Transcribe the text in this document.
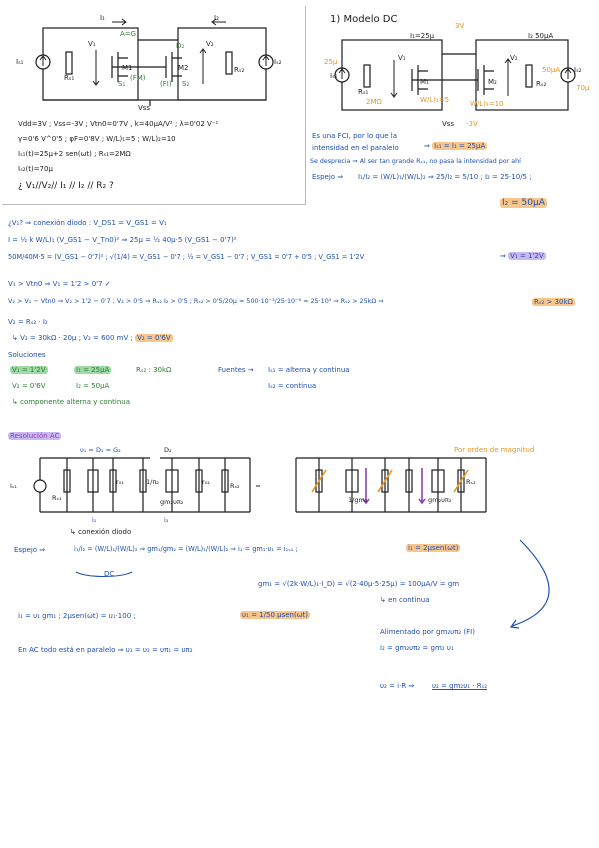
I₁	I₂
Iₛ₁	Iₛ₂
Rₛ₁
Rₛ₂
V₁	V₂
M1	M2
Vss
A=G
D₂
S₂
S₁
(FM)
(FI)
Vdd=3V ; Vss=-3V ; Vtn0=0'7V , k=40μA/V² ; λ=0'02 V⁻¹
γ=0'6 V^0'5 ; φF=0'8V ; W/L)₁=5 ; W/L)₂=10
Iₛ₁(t)=25μ+2 sen(ωt) ; Rₛ₁=2MΩ
Iₛ₂(t)=70μ
¿ V₁//V₂// I₁ // I₂ // R₂ ?
1) Modelo DC
I₁=25μ
3V
I₂ 50μA
25μ
Iₛ₁
Rₛ₁
2MΩ
Rₛ₂
V₁	V₂
M₁	M₂
W/L)₁=5	W/L)₂=10
50μA Iₛ₂
70μ
Vss -3V
Es una FCI, por lo que la
intensidad en el paralelo	⇒ Iₛ₁ = I₁ = 25μA
Se desprecia ⇒ Al ser tan grande Rₛ₁, no pasa la intensidad por ahí
Espejo ⇒ I₁/I₂ = (W/L)₁/(W/L)₂ ⇒ 25/I₂ = 5/10 ; I₂ = 25·10/5 ;
I₂ = 50μA
¿V₁? ⇒ conexión diodo : V_DS1 = V_GS1 = V₁
I = ½ k W/L)₁ (V_GS1 − V_Tn0)² ⇒ 25μ = ½ 40μ·5 (V_GS1 − 0'7)²
50M/40M·5 = (V_GS1 − 0'7)² ; √(1/4) = V_GS1 − 0'7 ; ½ = V_GS1 − 0'7 ; V_GS1 = 0'7 + 0'5 ; V_GS1 = 1'2V	⇒ V₁ = 1'2V
V₁ > Vtn0 ⇒ V₁ = 1'2 > 0'7 ✓
V₂ > V₁ − Vtn0 ⇒ V₂ > 1'2 − 0'7 ; V₂ > 0'5 ⇒ Rₛ₂ I₂ > 0'5 ; Rₛ₂ > 0'5/20μ = 500·10⁻³/25·10⁻⁶ = 25·10³ ⇒ Rₛ₂ > 25kΩ ⇒	Rₛ₂ > 30kΩ
V₂ = Rₛ₂ · I₂
↳ V₂ = 30kΩ · 20μ ; V₂ = 600 mV ; V₂ = 0'6V
Soluciones
V₁ = 1'2V
V₂ = 0'6V
I₁ = 25μA
I₂ = 50μA
Rₛ₂ : 30kΩ	Fuentes → Iₛ₁ = alterna y continua
Iₛ₂ = continua
↳ componente alterna y continua
Resolución AC
υ₁ = D₁ = G₂	D₂
Iₛ₁
Rₛ₁
Rₛ₂
r₀₁	r₀₂
1/π₂
gm₂υπ₂
i₁	i₂
1/gm₁	gm₂υπ₂
Rₛ₂
Por orden de magnitud
↳ conexión diodo
Espejo ⇒	i₁/i₂ = (W/L)₁/(W/L)₂ ⇒ gm₁/gm₂ = (W/L)₁/(W/L)₂ ⇒ i₁ = gm₁·υ₁ = i₁ₛ₁ ;	i₁ = 2μsen(ωt)
DC
gm₁ = √(2k·W/L)₁·I_D) = √(2·40μ·5·25μ) = 100μA/V = gm
↳ en continua
i₁ = υ₁ gm₁ ; 2μsen(ωt) = υ₁·100 ;	υ₁ = 1/50 μsen(ωt)
Alimentado por gm₂υπ₂ (FI)
En AC todo está en paralelo ⇒ υ₁ = υ₂ = υπ₁ = υπ₂	i₂ = gm₂υπ₂ = gm₂ υ₁
υ₂ = i·R ⇒	υ₂ = gm₂υ₁ · Rₛ₂
